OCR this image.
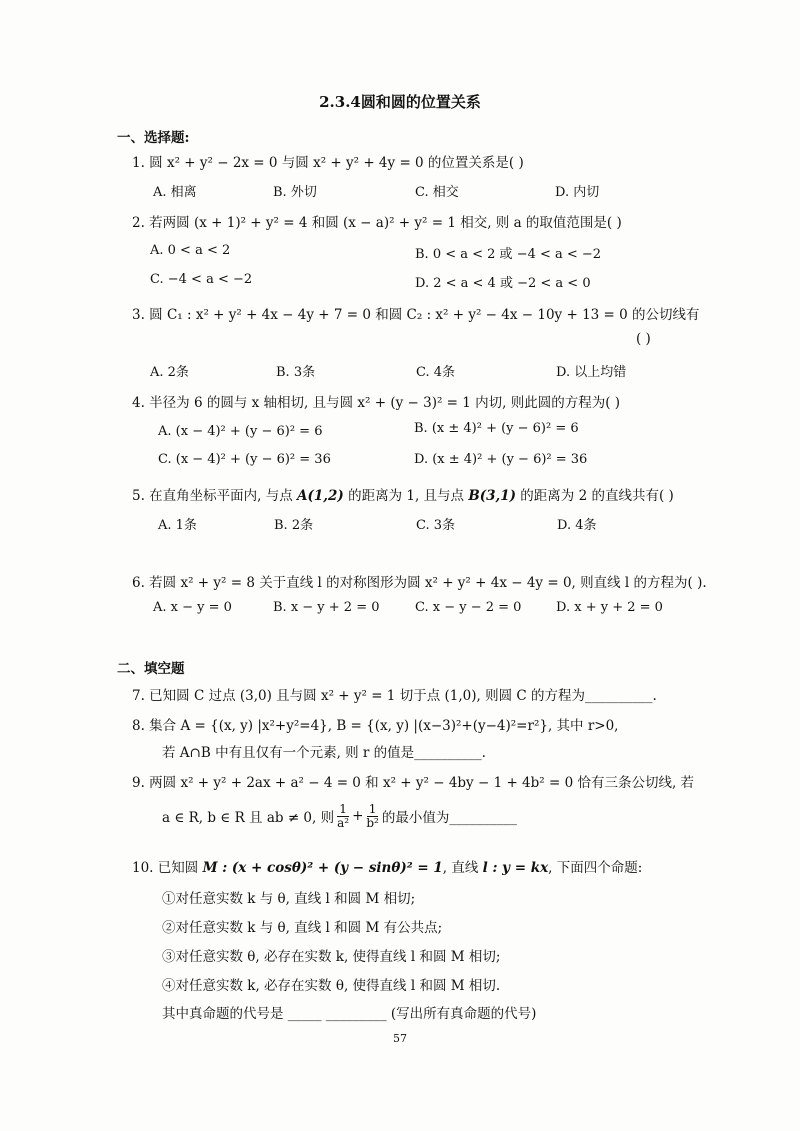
2.3.4圆和圆的位置关系
一、选择题:
1. 圆 x² + y² − 2x = 0 与圆 x² + y² + 4y = 0 的位置关系是( )
A. 相离	B. 外切	C. 相交	D. 内切
2. 若两圆 (x + 1)² + y² = 4 和圆 (x − a)² + y² = 1 相交, 则 a 的取值范围是( )
A. 0 < a < 2	B. 0 < a < 2 或 −4 < a < −2
C. −4 < a < −2	D. 2 < a < 4 或 −2 < a < 0
3. 圆 C₁ : x² + y² + 4x − 4y + 7 = 0 和圆 C₂ : x² + y² − 4x − 10y + 13 = 0 的公切线有
( )
A. 2条	B. 3条	C. 4条	D. 以上均错
4. 半径为 6 的圆与 x 轴相切, 且与圆 x² + (y − 3)² = 1 内切, 则此圆的方程为( )
A. (x − 4)² + (y − 6)² = 6	B. (x ± 4)² + (y − 6)² = 6
C. (x − 4)² + (y − 6)² = 36	D. (x ± 4)² + (y − 6)² = 36
5. 在直角坐标平面内, 与点 A(1,2) 的距离为 1, 且与点 B(3,1) 的距离为 2 的直线共有( )
A. 1条	B. 2条	C. 3条	D. 4条
6. 若圆 x² + y² = 8 关于直线 l 的对称图形为圆 x² + y² + 4x − 4y = 0, 则直线 l 的方程为( ).
A. x − y = 0	B. x − y + 2 = 0	C. x − y − 2 = 0	D. x + y + 2 = 0
二、填空题
7. 已知圆 C 过点 (3,0) 且与圆 x² + y² = 1 切于点 (1,0), 则圆 C 的方程为__________.
8. 集合 A = {(x, y) |x²+y²=4}, B = {(x, y) |(x−3)²+(y−4)²=r²}, 其中 r>0,
若 A∩B 中有且仅有一个元素, 则 r 的值是__________.
9. 两圆 x² + y² + 2ax + a² − 4 = 0 和 x² + y² − 4by − 1 + 4b² = 0 恰有三条公切线, 若
a ∈ R, b ∈ R 且 ab ≠ 0, 则 $\frac{1}{\text{a²}} + \frac{1}{\text{b²}}$ 的最小值为__________
10. 已知圆 M : (x + cosθ)² + (y − sinθ)² = 1, 直线 l : y = kx, 下面四个命题:
①对任意实数 k 与 θ, 直线 l 和圆 M 相切;
②对任意实数 k 与 θ, 直线 l 和圆 M 有公共点;
③对任意实数 θ, 必存在实数 k, 使得直线 l 和圆 M 相切;
④对任意实数 k, 必存在实数 θ, 使得直线 l 和圆 M 相切.
其中真命题的代号是 _____ _________ (写出所有真命题的代号)
57
